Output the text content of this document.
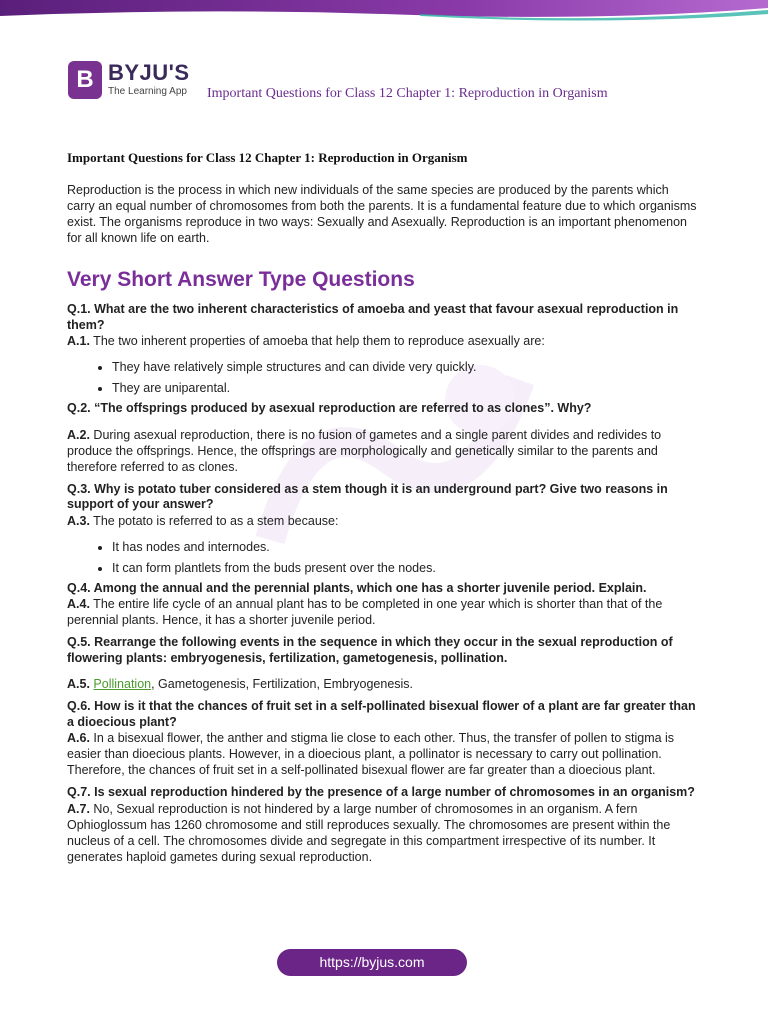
B BYJU'S
The Learning App Important Questions for Class 12 Chapter 1: Reproduction in Organism

Important Questions for Class 12 Chapter 1: Reproduction in Organism

Reproduction is the process in which new individuals of the same species are produced by the parents which carry an equal number of chromosomes from both the parents. It is a fundamental feature due to which organisms exist. The organisms reproduce in two ways: Sexually and Asexually. Reproduction is an important phenomenon for all known life on earth.

Very Short Answer Type Questions

Q.1. What are the two inherent characteristics of amoeba and yeast that favour asexual reproduction in them?

A.1. The two inherent properties of amoeba that help them to reproduce asexually are:

• They have relatively simple structures and can divide very quickly.
• They are uniparental.

Q.2. “The offsprings produced by asexual reproduction are referred to as clones”. Why?

A.2. During asexual reproduction, there is no fusion of gametes and a single parent divides and redivides to produce the offsprings. Hence, the offsprings are morphologically and genetically similar to the parents and therefore referred to as clones.

Q.3. Why is potato tuber considered as a stem though it is an underground part? Give two reasons in support of your answer?

A.3. The potato is referred to as a stem because:

• It has nodes and internodes.
• It can form plantlets from the buds present over the nodes.

Q.4. Among the annual and the perennial plants, which one has a shorter juvenile period. Explain.

A.4. The entire life cycle of an annual plant has to be completed in one year which is shorter than that of the perennial plants. Hence, it has a shorter juvenile period.

Q.5. Rearrange the following events in the sequence in which they occur in the sexual reproduction of flowering plants: embryogenesis, fertilization, gametogenesis, pollination.

A.5. Pollination, Gametogenesis, Fertilization, Embryogenesis.

Q.6. How is it that the chances of fruit set in a self-pollinated bisexual flower of a plant are far greater than a dioecious plant?

A.6. In a bisexual flower, the anther and stigma lie close to each other. Thus, the transfer of pollen to stigma is easier than dioecious plants. However, in a dioecious plant, a pollinator is necessary to carry out pollination. Therefore, the chances of fruit set in a self-pollinated bisexual flower are far greater than a dioecious plant.

Q.7. Is sexual reproduction hindered by the presence of a large number of chromosomes in an organism?

A.7. No, Sexual reproduction is not hindered by a large number of chromosomes in an organism. A fern Ophioglossum has 1260 chromosome and still reproduces sexually. The chromosomes are present within the nucleus of a cell. The chromosomes divide and segregate in this compartment irrespective of its number. It generates haploid gametes during sexual reproduction.

https://byjus.com
